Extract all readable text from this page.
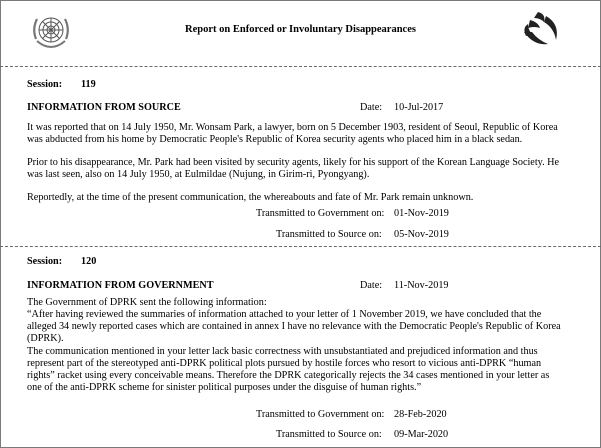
Report on Enforced or Involuntary Disappearances
Session: 119
INFORMATION FROM SOURCE	Date: 10-Jul-2017
It was reported that on 14 July 1950, Mr. Wonsam Park, a lawyer, born on 5 December 1903, resident of Seoul, Republic of Korea
was abducted from his home by Democratic People's Republic of Korea security agents who placed him in a black sedan.
Prior to his disappearance, Mr. Park had been visited by security agents, likely for his support of the Korean Language Society. He
was last seen, also on 14 July 1950, at Eulmildae (Nujung, in Girim-ri, Pyongyang).
Reportedly, at the time of the present communication, the whereabouts and fate of Mr. Park remain unknown.
Transmitted to Government on: 01-Nov-2019
Transmitted to Source on: 05-Nov-2019
Session: 120
INFORMATION FROM GOVERNMENT	Date: 11-Nov-2019
The Government of DPRK sent the following information:
“After having reviewed the summaries of information attached to your letter of 1 November 2019, we have concluded that the
alleged 34 newly reported cases which are contained in annex I have no relevance with the Democratic People's Republic of Korea
(DPRK).
The communication mentioned in your letter lack basic correctness with unsubstantiated and prejudiced information and thus
represent part of the stereotyped anti-DPRK political plots pursued by hostile forces who resort to vicious anti-DPRK “human
rights” racket using every conceivable means. Therefore the DPRK categorically rejects the 34 cases mentioned in your letter as
one of the anti-DPRK scheme for sinister political purposes under the disguise of human rights.”
Transmitted to Government on: 28-Feb-2020
Transmitted to Source on: 09-Mar-2020
